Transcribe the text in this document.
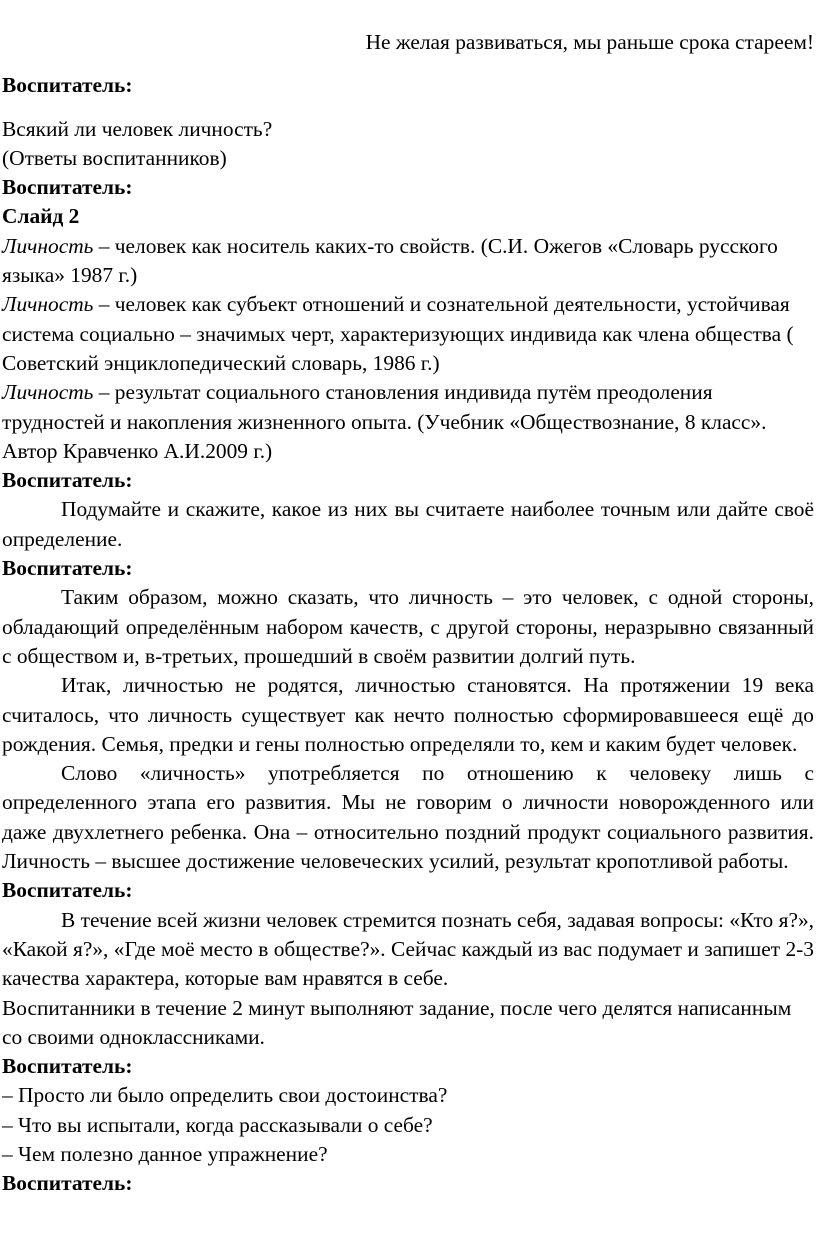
Не желая развиваться, мы раньше срока стареем!

Воспитатель:

Всякий ли человек личность?

(Ответы воспитанников)

Воспитатель:

Слайд 2

Личность – человек как носитель каких-то свойств. (С.И. Ожегов «Словарь русского языка» 1987 г.)

Личность – человек как субъект отношений и сознательной деятельности, устойчивая система социально – значимых черт, характеризующих индивида как члена общества ( Советский энциклопедический словарь, 1986 г.)

Личность – результат социального становления индивида путём преодоления трудностей и накопления жизненного опыта. (Учебник «Обществознание, 8 класс». Автор Кравченко А.И.2009 г.)

Воспитатель:

Подумайте и скажите, какое из них вы считаете наиболее точным или дайте своё определение.

Воспитатель:

Таким образом, можно сказать, что личность – это человек, с одной стороны, обладающий определённым набором качеств, с другой стороны, неразрывно связанный с обществом и, в-третьих, прошедший в своём развитии долгий путь.

Итак, личностью не родятся, личностью становятся. На протяжении 19 века считалось, что личность существует как нечто полностью сформировавшееся ещё до рождения. Семья, предки и гены полностью определяли то, кем и каким будет человек.

Слово «личность» употребляется по отношению к человеку лишь с определенного этапа его развития. Мы не говорим о личности новорожденного или даже двухлетнего ребенка. Она – относительно поздний продукт социального развития. Личность – высшее достижение человеческих усилий, результат кропотливой работы.

Воспитатель:

В течение всей жизни человек стремится познать себя, задавая вопросы: «Кто я?», «Какой я?», «Где моё место в обществе?». Сейчас каждый из вас подумает и запишет 2-3 качества характера, которые вам нравятся в себе.

Воспитанники в течение 2 минут выполняют задание, после чего делятся написанным со своими одноклассниками.

Воспитатель:

– Просто ли было определить свои достоинства?

– Что вы испытали, когда рассказывали о себе?

– Чем полезно данное упражнение?

Воспитатель:
